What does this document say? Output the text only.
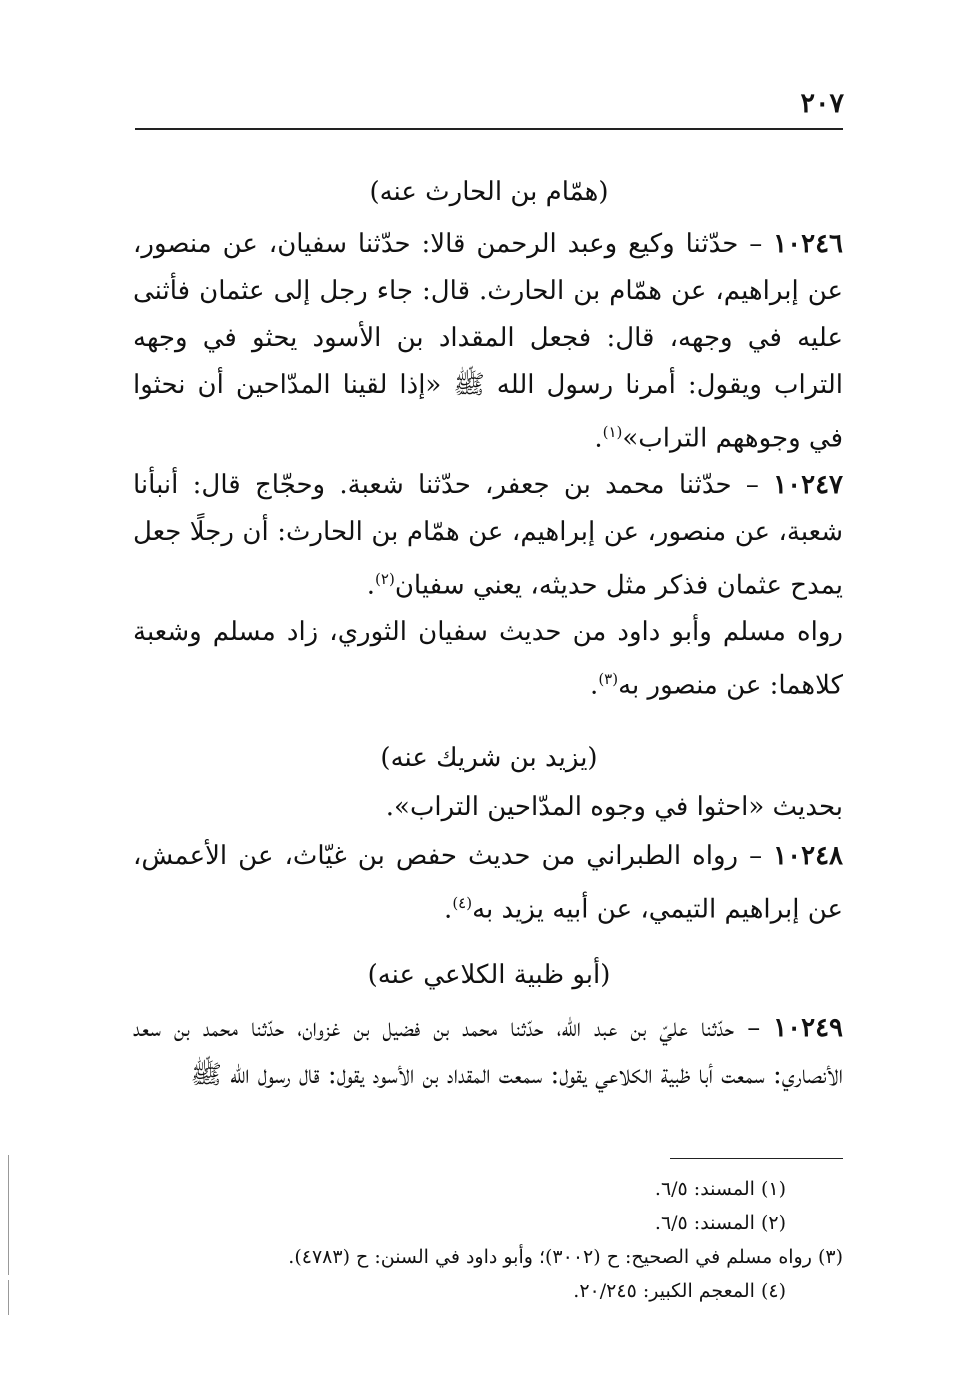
٢٠٧
(همّام بن الحارث عنه)
١٠٢٤٦ – حدّثنا وكيع وعبد الرحمن قالا: حدّثنا سفيان، عن منصور، عن إبراهيم، عن همّام بن الحارث. قال: جاء رجل إلى عثمان فأثنى عليه في وجهه، قال: فجعل المقداد بن الأسود يحثو في وجهه التراب ويقول: أمرنا رسول الله ﷺ «إذا لقينا المدّاحين أن نحثوا في وجوههم التراب»$^{(١)}$.
١٠٢٤٧ – حدّثنا محمد بن جعفر، حدّثنا شعبة. وحجّاج قال: أنبأنا شعبة، عن منصور، عن إبراهيم، عن همّام بن الحارث: أن رجلًا جعل يمدح عثمان فذكر مثل حديثه، يعني سفيان$^{(٢)}$.
رواه مسلم وأبو داود من حديث سفيان الثوري، زاد مسلم وشعبة كلاهما: عن منصور به$^{(٣)}$.
(يزيد بن شريك عنه)
بحديث «احثوا في وجوه المدّاحين التراب».
١٠٢٤٨ – رواه الطبراني من حديث حفص بن غيّاث، عن الأعمش، عن إبراهيم التيمي، عن أبيه يزيد به$^{(٤)}$.
(أبو ظبية الكلاعي عنه)
١٠٢٤٩ – حدّثنا عليّ بن عبد الله، حدّثنا محمد بن فضيل بن غزوان، حدّثنا محمد بن سعد الأنصاري: سمعت أبا ظبية الكلاعي يقول: سمعت المقداد بن الأسود يقول: قال رسول الله ﷺ
(١) المسند: ٦/٥.
(٢) المسند: ٦/٥.
(٣) رواه مسلم في الصحيح: ح (٣٠٠٢)؛ وأبو داود في السنن: ح (٤٧٨٣).
(٤) المعجم الكبير: ٢٠/٢٤٥.
